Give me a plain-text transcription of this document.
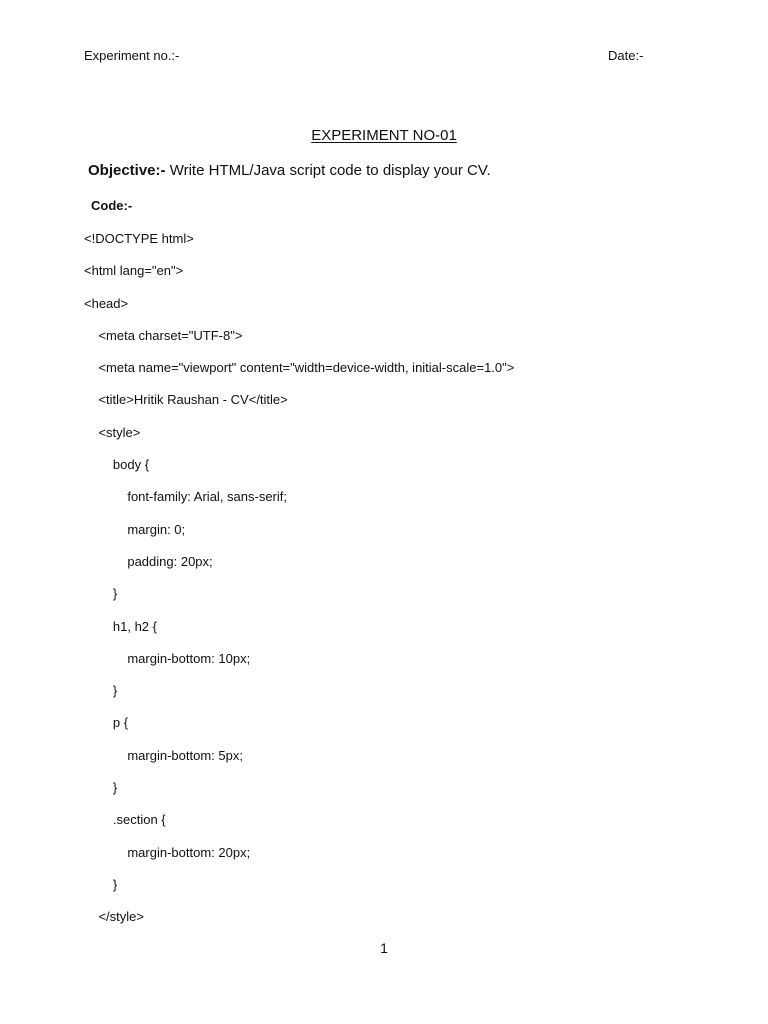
Experiment no.:-	Date:-
EXPERIMENT NO-01
Objective:- Write HTML/Java script code to display your CV.
Code:-
<!DOCTYPE html>
<html lang="en">
<head>
<meta charset="UTF-8">
<meta name="viewport" content="width=device-width, initial-scale=1.0">
<title>Hritik Raushan - CV</title>
<style>
body {
font-family: Arial, sans-serif;
margin: 0;
padding: 20px;
}
h1, h2 {
margin-bottom: 10px;
}
p {
margin-bottom: 5px;
}
.section {
margin-bottom: 20px;
}
</style>
1
